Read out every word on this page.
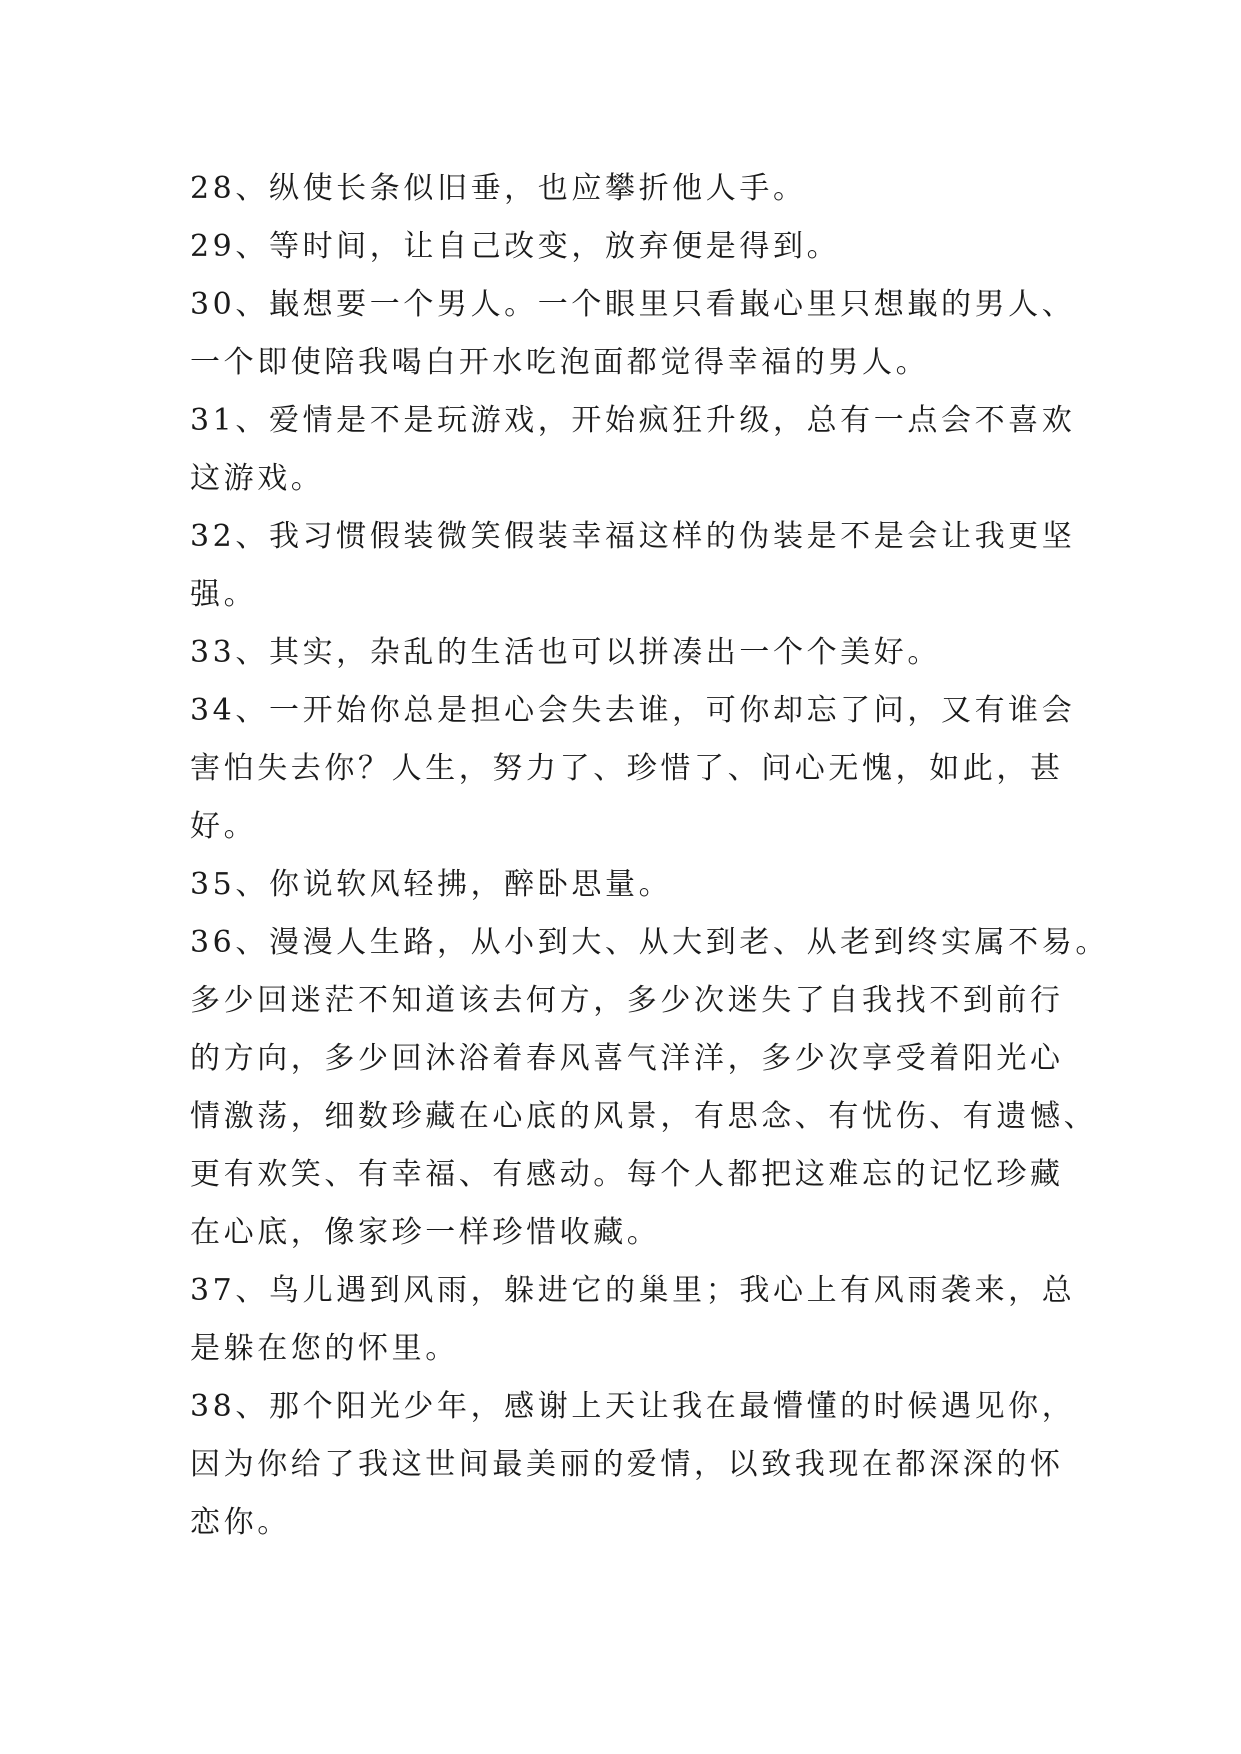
28、纵使长条似旧垂，也应攀折他人手。
29、等时间，让自己改变，放弃便是得到。
30、嶯想要一个男人。一个眼里只看嶯心里只想嶯的男人、
一个即使陪我喝白开水吃泡面都觉得幸福的男人。
31、爱情是不是玩游戏，开始疯狂升级，总有一点会不喜欢
这游戏。
32、我习惯假装微笑假装幸福这样的伪装是不是会让我更坚
强。
33、其实，杂乱的生活也可以拼凑出一个个美好。
34、一开始你总是担心会失去谁，可你却忘了问，又有谁会
害怕失去你？人生，努力了、珍惜了、问心无愧，如此，甚
好。
35、你说软风轻拂，醉卧思量。
36、漫漫人生路，从小到大、从大到老、从老到终实属不易。
多少回迷茫不知道该去何方，多少次迷失了自我找不到前行
的方向，多少回沐浴着春风喜气洋洋，多少次享受着阳光心
情激荡，细数珍藏在心底的风景，有思念、有忧伤、有遗憾、
更有欢笑、有幸福、有感动。每个人都把这难忘的记忆珍藏
在心底，像家珍一样珍惜收藏。
37、鸟儿遇到风雨，躲进它的巢里；我心上有风雨袭来，总
是躲在您的怀里。
38、那个阳光少年，感谢上天让我在最懵懂的时候遇见你，
因为你给了我这世间最美丽的爱情，以致我现在都深深的怀
恋你。
